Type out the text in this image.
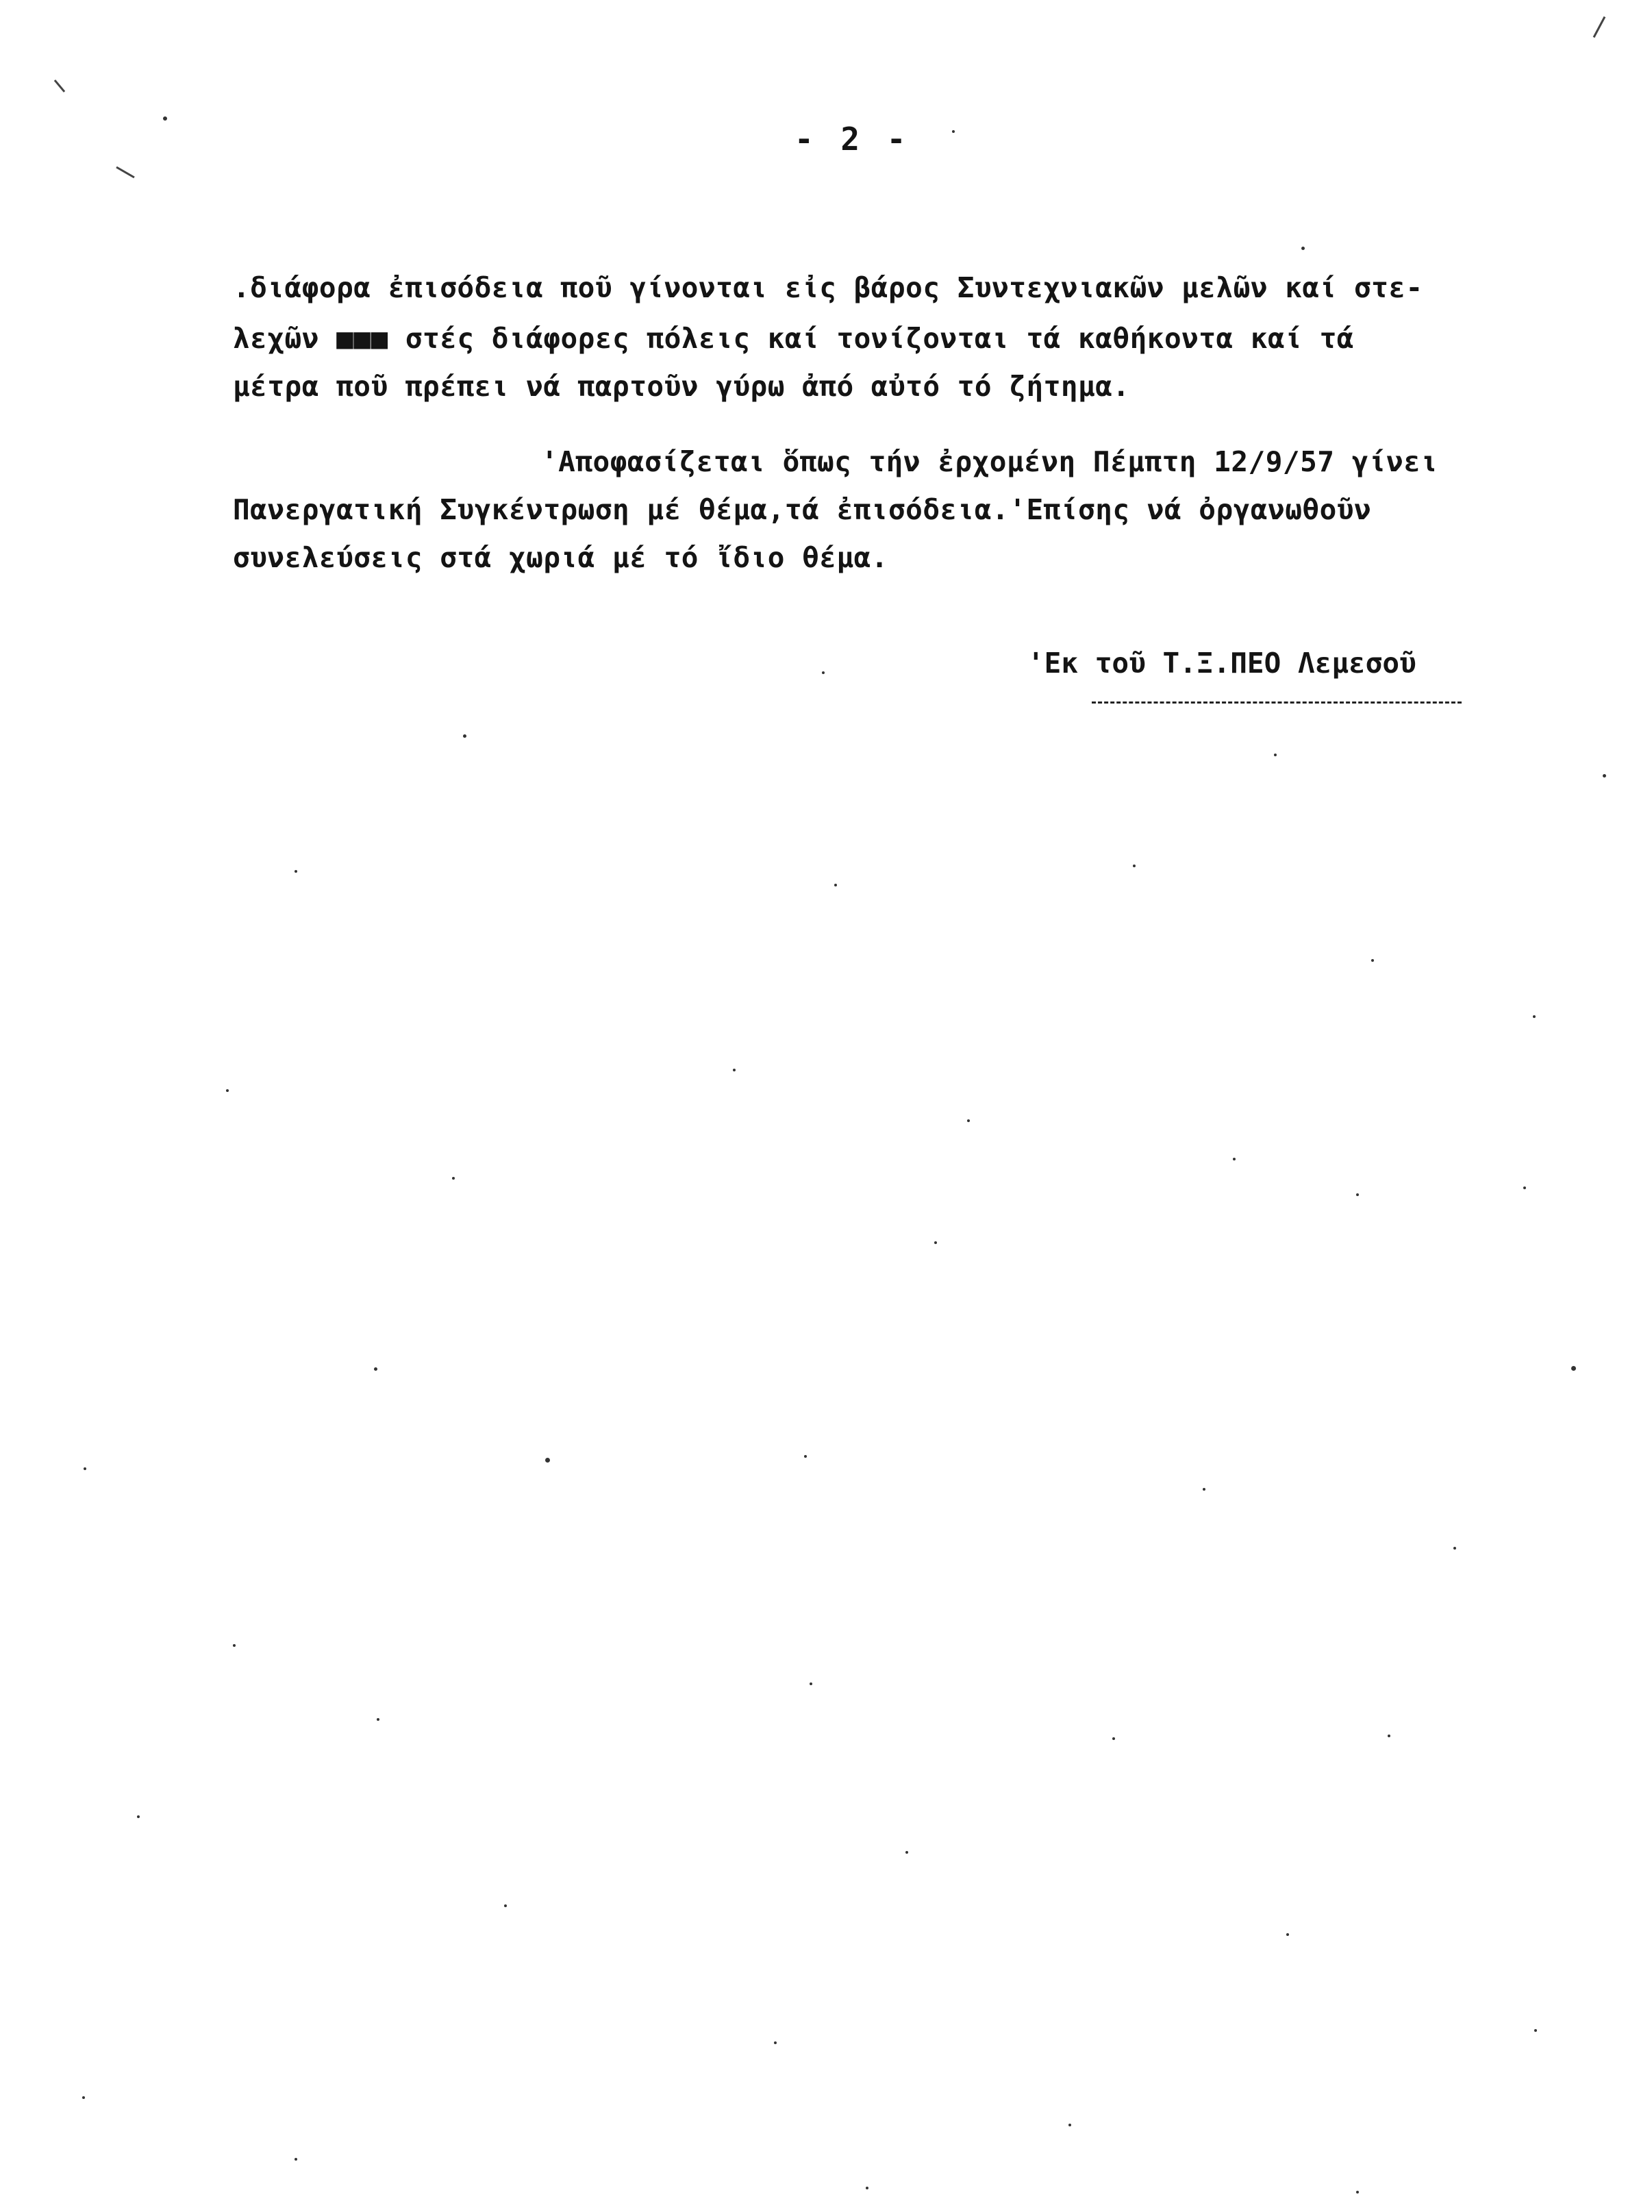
- 2 -
.διάφορα ἐπισόδεια ποῦ γίνονται εἰς βάρος Συντεχνιακῶν μελῶν καί στε-
λεχῶν ■■■ στές διάφορες πόλεις καί τονίζονται τά καθήκοντα καί τά
μέτρα ποῦ πρέπει νά παρτοῦν γύρω ἀπό αὐτό τό ζήτημα.
'Αποφασίζεται ὅπως τήν ἐρχομένη Πέμπτη 12/9/57 γίνει
Πανεργατική Συγκέντρωση μέ θέμα,τά ἐπισόδεια.'Επίσης νά ὀργανωθοῦν
συνελεύσεις στά χωριά μέ τό ἴδιο θέμα.
'Εκ τοῦ Τ.Ξ.ΠΕΟ Λεμεσοῦ
